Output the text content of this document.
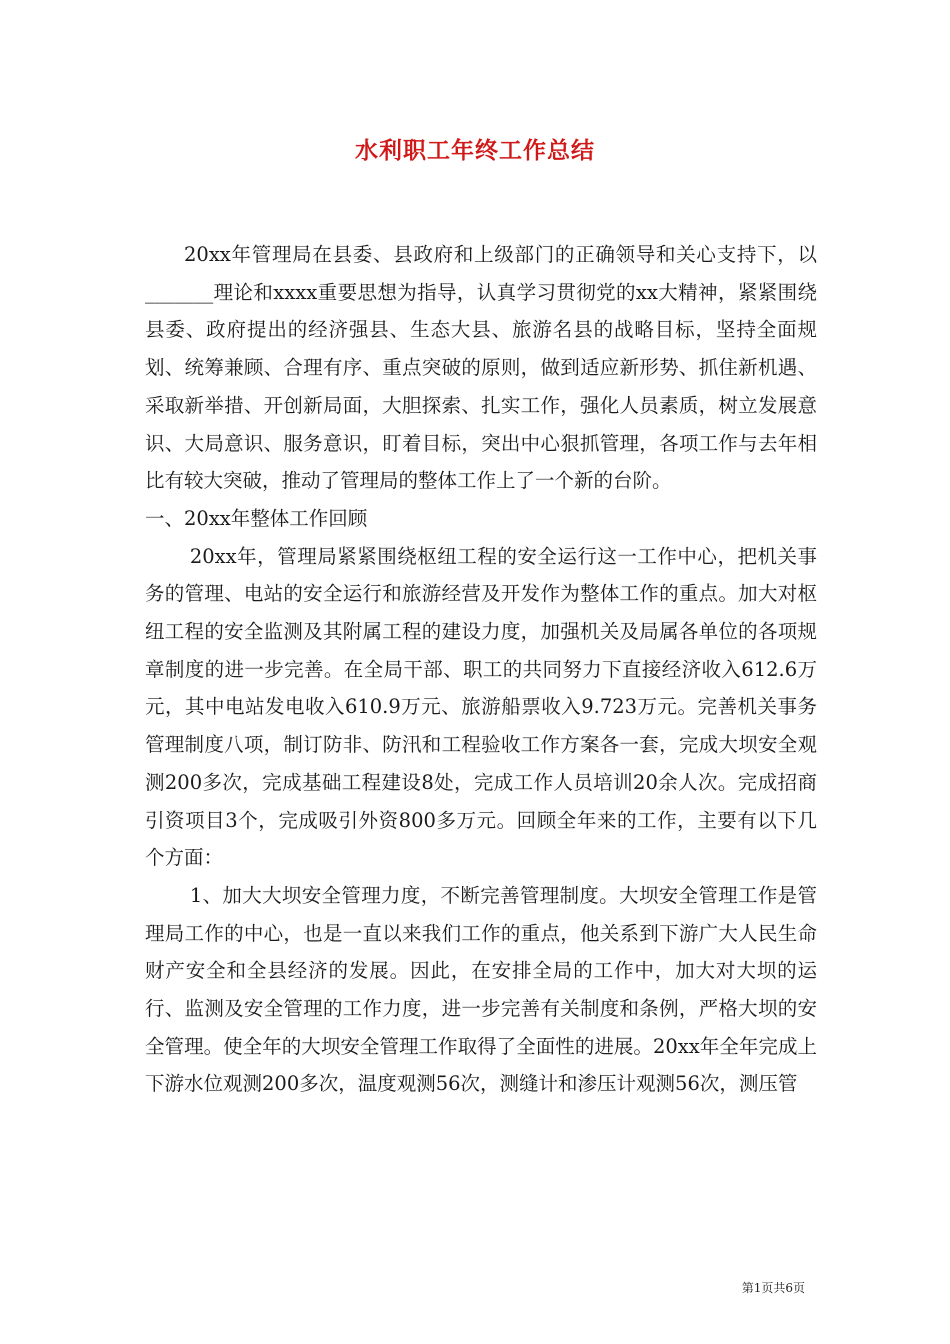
水利职工年终工作总结

20xx年管理局在县委、县政府和上级部门的正确领导和关心支持下，以_______理论和xxxx重要思想为指导，认真学习贯彻党的xx大精神，紧紧围绕县委、政府提出的经济强县、生态大县、旅游名县的战略目标，坚持全面规划、统筹兼顾、合理有序、重点突破的原则，做到适应新形势、抓住新机遇、采取新举措、开创新局面，大胆探索、扎实工作，强化人员素质，树立发展意识、大局意识、服务意识，盯着目标，突出中心狠抓管理，各项工作与去年相比有较大突破，推动了管理局的整体工作上了一个新的台阶。

一、20xx年整体工作回顾

20xx年，管理局紧紧围绕枢纽工程的安全运行这一工作中心，把机关事务的管理、电站的安全运行和旅游经营及开发作为整体工作的重点。加大对枢纽工程的安全监测及其附属工程的建设力度，加强机关及局属各单位的各项规章制度的进一步完善。在全局干部、职工的共同努力下直接经济收入612.6万元，其中电站发电收入610.9万元、旅游船票收入9.723万元。完善机关事务管理制度八项，制订防非、防汛和工程验收工作方案各一套，完成大坝安全观测200多次，完成基础工程建设8处，完成工作人员培训20余人次。完成招商引资项目3个，完成吸引外资800多万元。回顾全年来的工作，主要有以下几个方面：

1、加大大坝安全管理力度，不断完善管理制度。大坝安全管理工作是管理局工作的中心，也是一直以来我们工作的重点，他关系到下游广大人民生命财产安全和全县经济的发展。因此，在安排全局的工作中，加大对大坝的运行、监测及安全管理的工作力度，进一步完善有关制度和条例，严格大坝的安全管理。使全年的大坝安全管理工作取得了全面性的进展。20xx年全年完成上下游水位观测200多次，温度观测56次，测缝计和渗压计观测56次，测压管

第1页共6页
